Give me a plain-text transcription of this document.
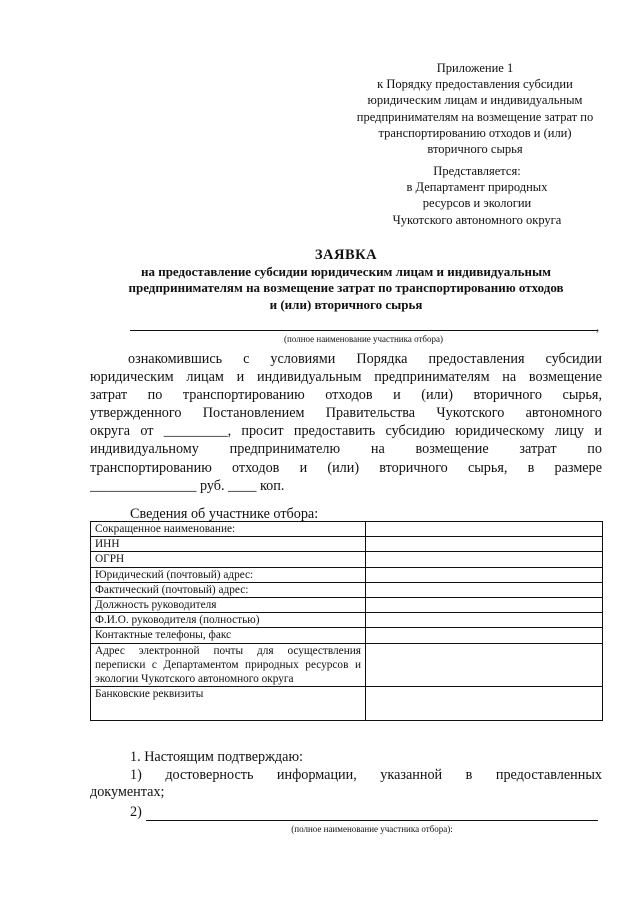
Приложение 1
к Порядку предоставления субсидии
юридическим лицам и индивидуальным
предпринимателям на возмещение затрат по
транспортированию отходов и (или)
вторичного сырья
Представляется:
в Департамент природных
ресурсов и экологии
Чукотского автономного округа
ЗАЯВКА
на предоставление субсидии юридическим лицам и индивидуальным
предпринимателям на возмещение затрат по транспортированию отходов
и (или) вторичного сырья
,
(полное наименование участника отбора)
ознакомившись с условиями Порядка предоставления субсидии
юридическим лицам и индивидуальным предпринимателям на возмещение
затрат по транспортированию отходов и (или) вторичного сырья,
утвержденного Постановлением Правительства Чукотского автономного
округа от _________, просит предоставить субсидию юридическому лицу и
индивидуальному предпринимателю на возмещение затрат по
транспортированию отходов и (или) вторичного сырья, в размере
_______________ руб. ____ коп.
Сведения об участнике отбора:
Сокращенное наименование:	
ИНН	
ОГРН	
Юридический (почтовый) адрес:	
Фактический (почтовый) адрес:	
Должность руководителя	
Ф.И.О. руководителя (полностью)	
Контактные телефоны, факс	
Адрес электронной почты для осуществления переписки с Департаментом природных ресурсов и экологии Чукотского автономного округа	
Банковские реквизиты	
1. Настоящим подтверждаю:
1) достоверность информации, указанной в предоставленных
документах;
2)
(полное наименование участника отбора):
